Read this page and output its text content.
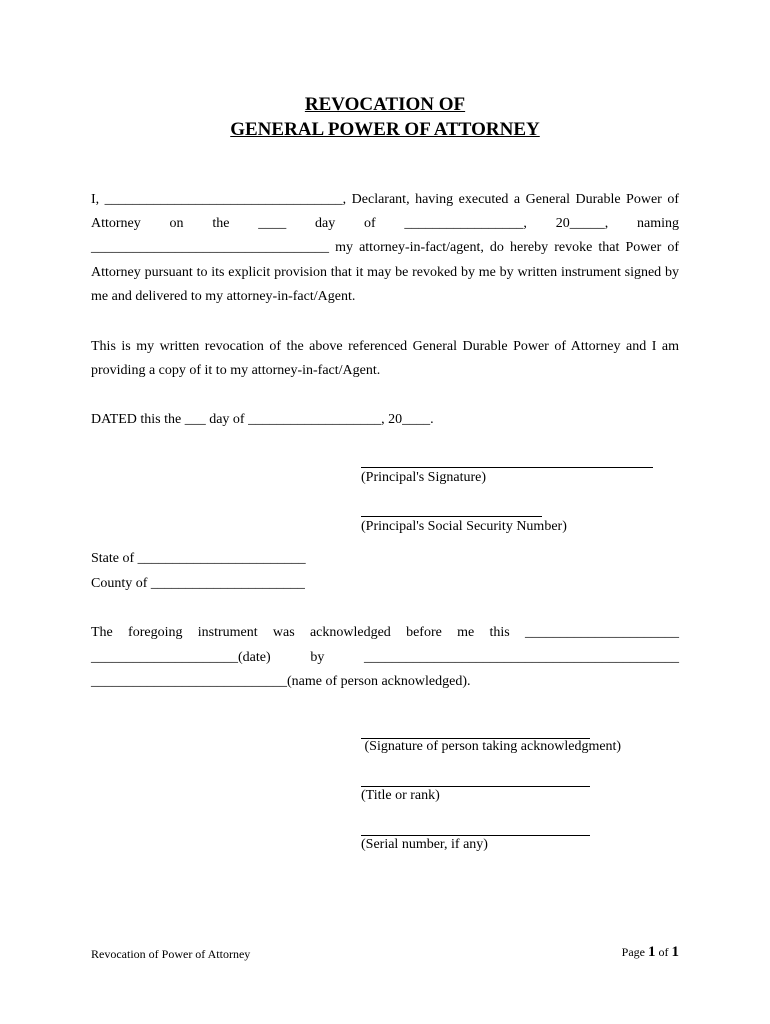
REVOCATION OF
GENERAL POWER OF ATTORNEY
I, __________________________________, Declarant, having executed a General Durable Power of
Attorney on the ____ day of _________________, 20_____, naming
__________________________________ my attorney-in-fact/agent, do hereby revoke that Power of
Attorney pursuant to its explicit provision that it may be revoked by me by written instrument signed by
me and delivered to my attorney-in-fact/Agent.
This is my written revocation of the above referenced General Durable Power of Attorney and I am
providing a copy of it to my attorney-in-fact/Agent.
DATED this the ___ day of ___________________, 20____.
(Principal's Signature)
(Principal's Social Security Number)
State of ________________________
County of ______________________
The foregoing instrument was acknowledged before me this ______________________
_____________________(date) by _____________________________________________
____________________________(name of person acknowledged).
(Signature of person taking acknowledgment)
(Title or rank)
(Serial number, if any)
Revocation of Power of Attorney	Page 1 of 1
